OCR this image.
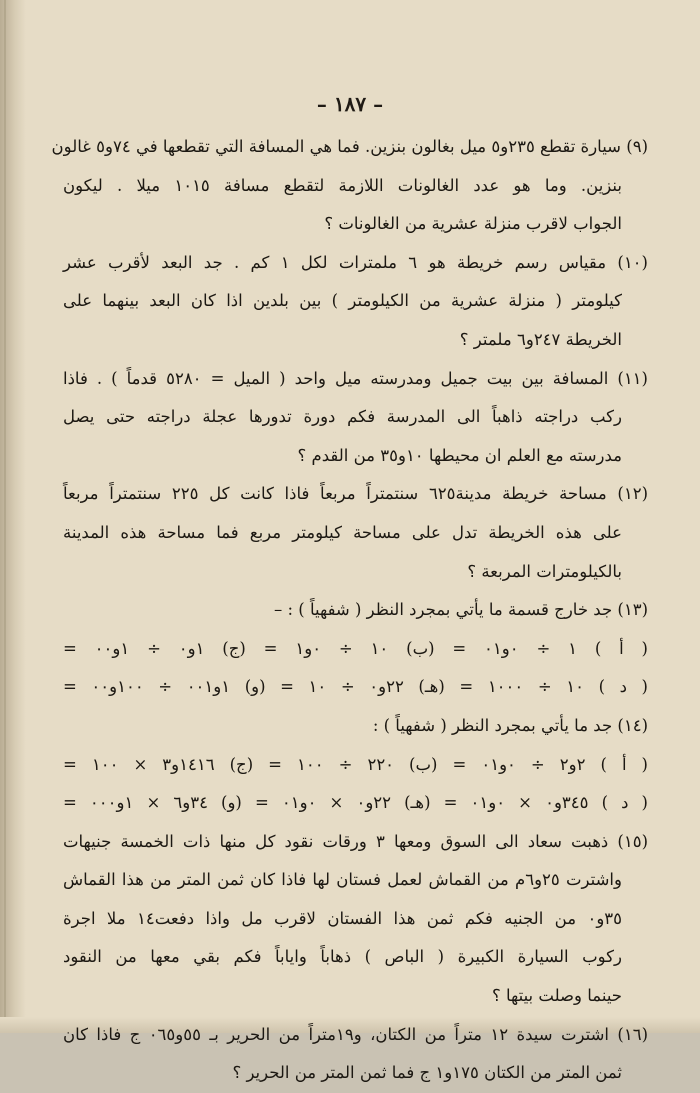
– ١٨٧ –
(٩) سيارة تقطع ٢٣٥و٥ ميل بغالون بنزين. فما هي المسافة التي تقطعها في ٧٤و٥ غالون
بنزين. وما هو عدد الغالونات اللازمة لتقطع مسافة ١٠١٥ ميلا . ليكون
الجواب لاقرب منزلة عشرية من الغالونات ؟
(١٠) مقياس رسم خريطة هو ٦ ملمترات لكل ١ كم . جد البعد لأقرب عشر
كيلومتر ( منزلة عشرية من الكيلومتر ) بين بلدين اذا كان البعد بينهما على
الخريطة ٢٤٧و٦ ملمتر ؟
(١١) المسافة بين بيت جميل ومدرسته ميل واحد ( الميل = ٥٢٨٠ قدماً ) . فاذا
ركب دراجته ذاهباً الى المدرسة فكم دورة تدورها عجلة دراجته حتى يصل
مدرسته مع العلم ان محيطها ١٠و٣٥ من القدم ؟
(١٢) مساحة خريطة مدينة٦٢٥ سنتمتراً مربعاً فاذا كانت كل ٢٢٥ سنتمتراً مربعاً
على هذه الخريطة تدل على مساحة كيلومتر مربع فما مساحة هذه المدينة
بالكيلومترات المربعة ؟
(١٣) جد خارج قسمة ما يأتي بمجرد النظر ( شفهياً ) : –
( أ ) ١ ÷ ٠و٠١ = (ب) ١٠ ÷ ٠و١ = (ج) ١و٠ ÷ ١و٠٠ =
( د ) ١٠ ÷ ١٠٠٠ = (هـ) ٢٢و٠ ÷ ١٠ = (و) ١و٠٠١ ÷ ١٠٠و٠٠ =
(١٤) جد ما يأتي بمجرد النظر ( شفهياً ) :
( أ ) ٢و٢ ÷ ٠و٠١ = (ب) ٢٢٠ ÷ ١٠٠ = (ج) ١٤١٦و٣ × ١٠٠ =
( د ) ٣٤٥و٠ × ٠و٠١ = (هـ) ٢٢و٠ × ٠و٠١ = (و) ٣٤و٦ × ١و٠٠٠ =
(١٥) ذهبت سعاد الى السوق ومعها ٣ ورقات نقود كل منها ذات الخمسة جنيهات
واشترت ٢٥و٦م من القماش لعمل فستان لها فاذا كان ثمن المتر من هذا القماش
٣٥و٠ من الجنيه فكم ثمن هذا الفستان لاقرب مل واذا دفعت١٤ ملا اجرة
ركوب السيارة الكبيرة ( الباص ) ذهاباً واياباً فكم بقي معها من النقود
حينما وصلت بيتها ؟
(١٦) اشترت سيدة ١٢ متراً من الكتان، و١٩متراً من الحرير بـ ٥٥و٠٦٥ ج فاذا كان
ثمن المتر من الكتان ١٧٥و١ ج فما ثمن المتر من الحرير ؟
